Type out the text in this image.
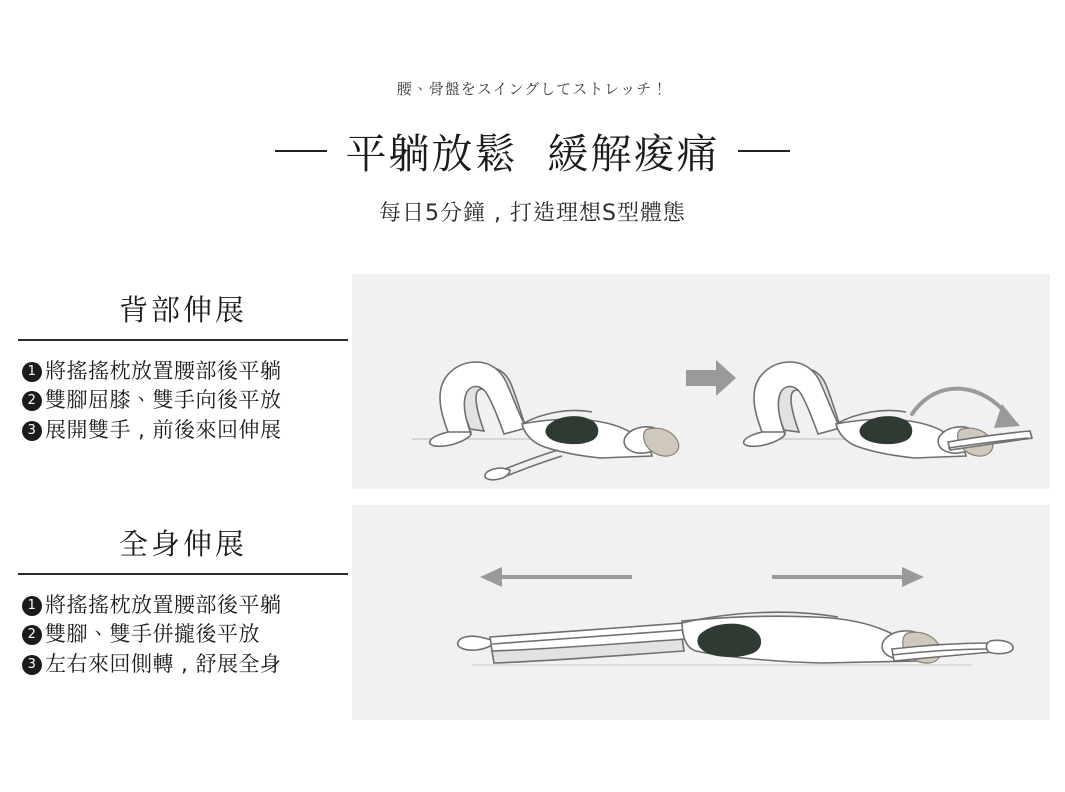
腰、骨盤をスイングしてストレッチ！
平躺放鬆  緩解痠痛
每日5分鐘 , 打造理想S型體態
背部伸展
1 將搖搖枕放置腰部後平躺
2 雙腳屈膝、雙手向後平放
3 展開雙手 , 前後來回伸展
全身伸展
1 將搖搖枕放置腰部後平躺
2 雙腳、雙手併攏後平放
3 左右來回側轉 , 舒展全身
